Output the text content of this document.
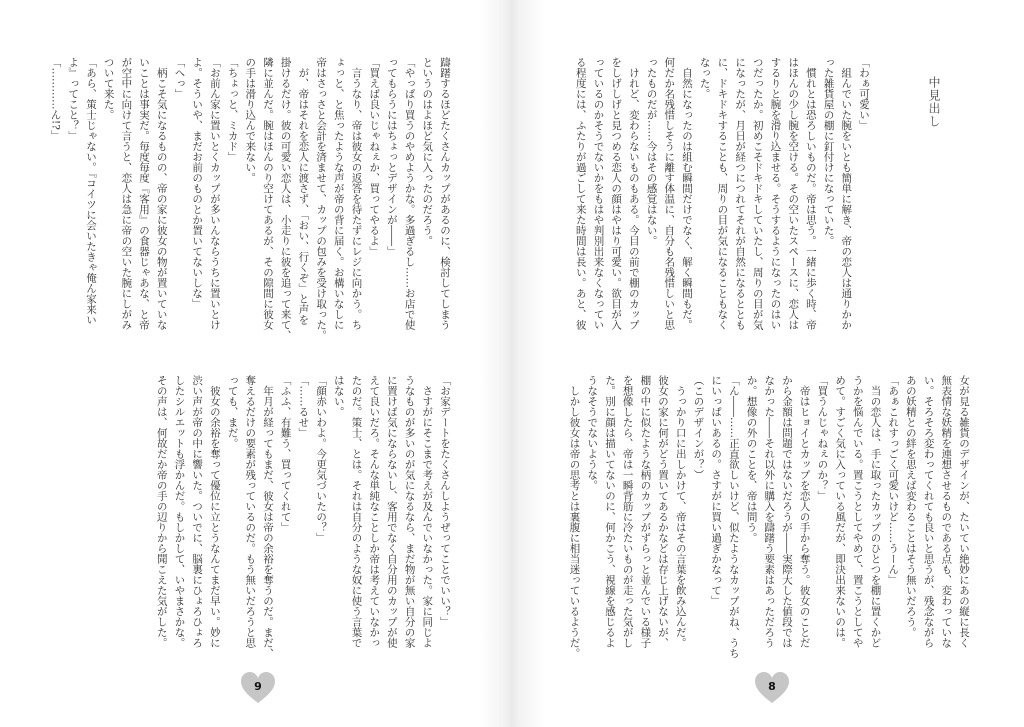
中見出し
「わぁ可愛い」
　組んでいた腕をいとも簡単に解き、帝の恋人は通りかか
った雑貨屋の棚に釘付けになっていた。
　慣れとは恐ろしいものだ。帝は思う。一緒に歩く時、帝
はほんの少し腕を空ける。その空いたスペースに、恋人は
するりと腕を滑り込ませる。そうするようになったのはい
つだったか。初めこそドキドキしていたし、周りの目が気
になったが、月日が経つにつれてそれが自然になるととも
に、ドキドキすることも、周りの目が気になることもなく
なった。
　自然になったのは組む瞬間だけでなく、解く瞬間もだ。
何だか名残惜しそうに離す体温に、自分も名残惜しいと思
ったものだが……今はその感覚はない。
　けれど、変わらないものもある。今目の前で棚のカップ
をしげしげと見つめる恋人の顔はやはり可愛い。欲目が入
っているのかそうでないかをもはや判別出来なくなってい
る程度には、ふたりが過ごして来た時間は長い。あと、彼
女が見る雑貨のデザインが、たいてい絶妙にあの縦に長く
無表情な妖精を連想させるものである点も、変わっていな
い。そろそろ変わってくれても良いと思うが、残念ながら
あの妖精との絆を思えば変わることはそう無いだろう。
「あぁこれすっごく可愛いけど……うーん」
　当の恋人は、手に取ったカップのひとつを棚に置くかど
うかを悩んでいる。置こうとしてやめて、置こうとしてや
めて。すごく気に入っている風だが、即決出来ないのは。
「買うんじゃねぇのか？」
　帝はヒョイとカップを恋人の手から奪う。彼女のことだ
から金額は問題ではないだろうが――実際大した値段では
なかった――それ以外に購入を躊躇う要素はあっただろう
か。想像の外のことを、帝は問う。
「ん――……正直欲しいけど、似たようなカップがね、うち
にいっぱいあるの。さすがに買い過ぎかなって」
（このデザインが？）
　うっかり口に出しかけて、帝はその言葉を飲み込んだ。
彼女の家に何がどう置いてあるかなどは存じ上げないが、
棚の中に似たような柄のカップがずらっと並んでいる様子
を想像したら、帝は一瞬背筋に冷たいものが走った気がし
た。別に顔は描いてないのに、何かこう、視線を感じるよ
うなそうでないような。
　しかし彼女は帝の思考とは裏腹に相当迷っているようだ。
8
躊躇するほどたくさんカップがあるのに、検討してしまう
というのはよほど気に入ったのだろう。
「やっぱり買うのやめようかな。多過ぎるし……お店で使
ってもらうにはちょっとデザインが――」
「買えば良いじゃねぇか、買ってやるよ」
　言うなり、帝は彼女の返答を待たずにレジに向かう。ち
ょっと、と焦ったような声が帝の背に届く。お構いなしに
帝はさっさと会計を済ませて、カップの包みを受け取った。
　が、帝はそれを恋人に渡さず、「おい、行くぞ」と声を
掛けるだけ。彼の可愛い恋人は、小走りに彼を追って来て、
隣に並んだ。腕はほんのり空けてあるが、その隙間に彼女
の手は滑り込んで来ない。
「ちょっと、ミカド」
「お前ん家に置いとくカップが多いんならうちに置いとけ
よ。そういや、まだお前のものとか置いてないしな」
「へっ」
　柄こそ気になるものの、帝の家に彼女の物が置いていな
いことは事実だ。毎度毎度『客用』の食器じゃあな、と帝
が空中に向けて言うと、恋人は急に帝の空いた腕にしがみ
ついて来た。
「あら、策士じゃない。『コイツに会いたきゃ俺ん家来い
よ』ってこと？」
「…………ん!?」
「お家デートをたくさんしようぜってことでいい？」
　さすがにそこまで考えが及んでいなかった。家に同じよ
うなものが多いのが気になるなら、まだ物が無い自分の家
に置けば気にならないし、客用でなく自分用のカップが使
えて良いだろ。そんな単純なことしか帝は考えていなかっ
たのだ。策士、とは。それは自分のような奴に使う言葉で
はない。
「顔赤いわよ。今更気づいたの？」
「……るせ」
「ふふ、有難う、買ってくれて」
　年月が経ってもまだ、彼女は帝の余裕を奪うのだ。まだ、
奪えるだけの要素が残っているのだ。もう無いだろうと思
っても、まだ。
　彼女の余裕を奪って優位に立とうなんてまだ早い。妙に
渋い声が帝の中に響いた。ついでに、脳裏にひょろひょろ
したシルエットも浮かんだ。もしかして、いやまさかな。
その声は、何故だか帝の手の辺りから聞こえた気がした。
9
